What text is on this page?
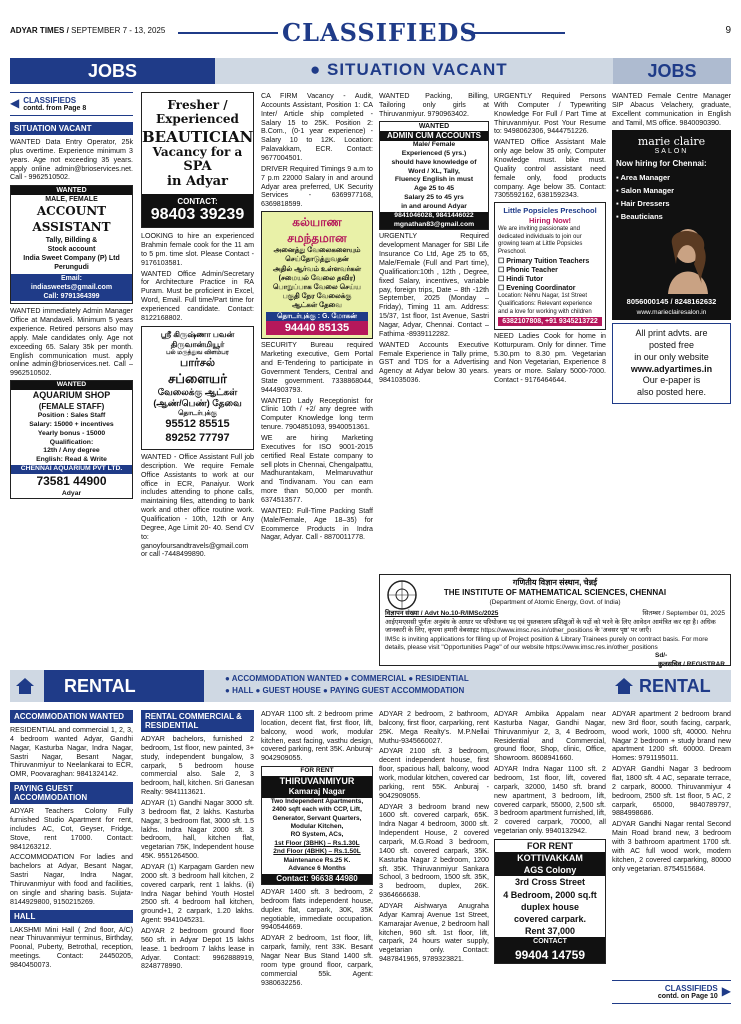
ADYAR TIMES / SEPTEMBER 7 - 13, 2025	CLASSIFIEDS	9
JOBS	● SITUATION VACANT	JOBS
◀ CLASSIFIEDS
contd. from Page 8
SITUATION VACANT

WANTED Data Entry Operator, 25k plus overtime. Experience minimum 3 years. Age not exceeding 35 years. apply online admin@brioservices.net. Call - 9962510502.

WANTED
MALE, FEMALE
ACCOUNT ASSISTANT
Tally, Billding &
Stock account
India Sweet Company (P) Ltd
Perungudi
Email:
indiasweets@gmail.com
Call: 9791364399

WANTED immediately Admin Manager Office at Mandaveli. Minimum 5 years experience. Retired persons also may apply. Male candidates only. Age not exceeding 65. Salary 35k per month. English communication must. apply online admin@brioservices.net. Call – 9962510502.

WANTED
AQUARIUM SHOP
(FEMALE STAFF)
Position : Sales Staff
Salary: 15000 + incentives
Yearly bonus - 15000
Qualification:
12th / Any degree
English: Read & Write
CHENNAI AQUARIUM PVT LTD.
73581 44900
Adyar
Fresher /
Experienced
BEAUTICIAN
Vacancy for a
SPA
in Adyar
CONTACT:
98403 39239

LOOKING to hire an experienced Brahmin female cook for the 11 am to 5 pm. time slot. Please Contact - 9176103581.

WANTED Office Admin/Secretary for Architecture Practice in RA Puram. Must be proficient in Excel, Word, Email. Full time/Part time for experienced candidate. Contact: 8122168802.

ஸ்ரீ கிருஷ்ணா பவன்
திருவான்மியூர்
பல் மருத்துவ விளம்பர
பார்சல்
சப்ளையர்
வேலைக்கு ஆட்கள்
(ஆண்/பெண்) தேவை
தொடர்புக்கு
95512 85515
89252 77797

WANTED - Office Assistant Full job description. We require Female Office Assistants to work at our office in ECR, Panaiyur. Work includes attending to phone calls, maintaining files, attending to bank work and other office routine work. Qualification - 10th, 12th or Any Degree, Age Limit 20- 40. Send CV to: ganoyfoursandtravels@gmail.com or call -7448499890.

CA FIRM Vacancy - Audit, Accounts Assistant, Position 1: CA Inter/ Article ship completed - Salary 15 to 25K. Position 2: B.Com., (0-1 year experience) - Salary 10 to 12K. Location: Palavakkam, ECR. Contact: 9677004501.

DRIVER Required Timings 9 a.m to 7 p.m 22000 Salary in and around Adyar area preferred, UK Security Services - 6369977168, 6369818599.

கல்யாண
சமந்தமான
அனைத்து வேலைகளையும்
செய்தோடுத்துவதன்
அதில் ஆர்வம் உள்ளவர்கள்
(சமையல் வேலை தவிர)
பொறுப்பாக வேலை செய்ய
பகுதி நேர வேலைக்கு
ஆட்கள் தேவை
தொடர்புக்கு : G. மோகன்
94440 85135

SECURITY Bureau required Marketing executive, Gem Portal and E-Tendering to participate in Government Tenders, Central and State government. 7338868044, 9444903793.

WANTED Lady Receptionist for Clinic 10th / +2/ any degree with Computer Knowledge long term tenure. 7904851093, 9940051361.

WE are hiring Marketing Executives for ISO 9001-2015 certified Real Estate company to sell plots in Chennai, Chengalpattu, Madhurantakam, Melmaruvathur and Tindivanam. You can earn more than 50,000 per month. 6374513577.

WANTED: Full-Time Packing Staff (Male/Female, Age 18–35) for Ecommerce Products in Indra Nagar, Adyar. Call - 8870011778.

WANTED Packing, Billing, Tailoring only girls at Thiruvanmiyur. 9790963402.

WANTED
ADMIN CUM ACCOUNTS
Male/ Female
Experienced (5 yrs.)
should have knowledge of
Word / XL, Tally,
Fluency English in must
Age 25 to 45
Salary 25 to 45 yrs
in and around Adyar
9841046028, 9841446022
mgnathan83@gmail.com

URGENTLY Required development Manager for SBI Life Insurance Co Ltd, Age 25 to 65, Male/Female (Full and Part time), Qualification:10th , 12th , Degree, fixed Salary, incentives, variable pay, foreign trips, Date – 8th -12th September, 2025 (Monday – Friday), Timing 11 am. Address: 15/37, 1st floor, 1st Avenue, Sastri Nagar, Adyar, Chennai. Contact – Fathima -8939112282.

WANTED Accounts Executive Female Experience in Tally prime, GST and TDS for a Advertising Agency at Adyar below 30 years. 9841035036.

URGENTLY Required Persons With Computer / Typewriting Knowledge For Full / Part Time at Thiruvanmiyur. Post Your Resume to: 9498062306, 9444751226.

WANTED Office Assistant Male only age below 35 only, Computer Knowledge must. bike must. Quality control assistant need female only, food products company. Age below 35. Contact: 7305592162, 6381592343.

Little Popsicles Preschool
Hiring Now!
We are inviting passionate and dedicated individuals to join our growing team at Little Popsicles Preschool.
☐ Primary Tuition Teachers
☐ Phonic Teacher
☐ Hindi Tutor
☐ Evening Coordinator
Location: Nehru Nagar, 1st Street
Qualifications: Relevant experience and a love for working with children
6382107808, +91 9345213722

NEED Ladies Cook for home in Kotturpuram. Only for dinner. Time 5.30.pm to 8.30 pm. Vegetarian and Non Vegetarian, Experience 8 years or more. Salary 5000-7000. Contact - 9176464644.

WANTED Female Centre Manager SIP Abacus Velachery, graduate, Excellent communication in English and Tamil, MS office. 9840090390.

marie claire
SALON
Now hiring for Chennai:
▪ Area Manager
▪ Salon Manager
▪ Hair Dressers
▪ Beauticians
8056000145 / 8248162632
www.marieclairesalon.in
All print advts. are
posted free
in our only website
www.adyartimes.in
Our e-paper is
also posted here.
गणितीय विज्ञान संस्थान, चेन्नई
THE INSTITUTE OF MATHEMATICAL SCIENCES, CHENNAI
(Department of Atomic Energy, Govt. of India)
विज्ञापन संख्या / Advt No.10-R/IMSc/2025	सितम्बर / September 01, 2025
आईएमएससी पूर्णतः अनुबंध के आधार पर परियोजना पद एवं पुस्तकालय प्रशिक्षुओं के पदों को भरने के लिए आवेदन आमंत्रित कर रहा है। अधिक जानकारी के लिए, कृपया हमारी वेबसाइट https://www.imsc.res.in/other_positions के 'अवसर पृष्ठ' पर जाएँ।
IMSc is inviting applications for filling up of Project position & Library Trainees purely on contract basis. For more details, please visit "Opportunities Page" of our website https://www.imsc.res.in/other_positions
Sd/-
कुलसचिव / REGISTRAR
RENTAL	● ACCOMMODATION WANTED ● COMMERCIAL ● RESIDENTIAL
● HALL ● GUEST HOUSE ● PAYING GUEST ACCOMMODATION	RENTAL
ACCOMMODATION WANTED

RESIDENTIAL and commercial 1, 2, 3, 4 bedroom wanted Adyar, Gandhi Nagar, Kasturba Nagar, Indra Nagar, Sastri Nagar, Besant Nagar, Thiruvanmiyur to Neelankarai to ECR, OMR, Poovaraghan: 9841324142.

PAYING GUEST ACCOMMODATION

ADYAR Teachers Colony Fully furnished Studio Apartment for rent, includes AC, Cot, Geyser, Fridge, Stove, rent 17000. Contact: 9841263212.

ACCOMMODATION For ladies and bachelors at Adyar, Besant Nagar, Sastri Nagar, Indra Nagar, Thiruvanmiyur with food and facilities, on single and sharing basis. Sujata-8144929800, 9150215269.

HALL

LAKSHMI Mini Hall ( 2nd floor, A/C) near Thiruvanmiyur terminus, Birthday, Poonal, Puberty, Betrothal, reception, meetings. Contact: 24450205, 9840450073.

RENTAL COMMERCIAL & RESIDENTIAL

ADYAR bachelors, furnished 2 bedroom, 1st floor, new painted, 3+ study, independent bungalow, 3 carpark, 5 bedroom house commercial also. Sale 2, 3 bedroom, hall, kitchen. Sri Ganesan Realty: 9841113621.

ADYAR (1) Gandhi Nagar 3000 sft. 3 bedroom flat, 2 lakhs. Kasturba Nagar, 3 bedroom flat, 3000 sft. 1.5 lakhs. Indra Nagar 2000 sft. 3 bedroom, hall, kitchen flat, vegetarian 75K, Independent house 45K. 9551264500.

ADYAR (1) Karpagam Garden new 2000 sft. 3 bedroom hall kitchen, 2 covered carpark, rent 1 lakhs. (ii) Indra Nagar behind Youth Hostel 2500 sft. 4 bedroom hall kitchen, ground+1, 2 carpark, 1.20 lakhs. Agent: 9941045231.

ADYAR 2 bedroom ground floor 560 sft. in Adyar Depot 15 lakhs lease. 1 bedroom 7 lakhs lease in Adyar. Contact: 9962888919, 8248778990.

ADYAR 1100 sft. 2 bedroom prime location, decent flat, first floor, lift, balcony, wood work, modular kitchen, east facing, vasthu design, covered parking, rent 35K. Anburaj- 9042909055.

FOR RENT
THIRUVANMIYUR
Kamaraj Nagar
Two Independent Apartments,
2400 sqft each with CCP, Lift,
Generator, Servant Quarters,
Modular Kitchen,
RO System, ACs,
1st Floor (3BHK) – Rs.1.30L
2nd Floor (4BHK) – Rs.1.50L
Maintenance Rs.25 K.
Advance 6 Months
Contact: 96638 44980

ADYAR 1400 sft. 3 bedroom, 2 bedroom flats independent house, duplex flat, carpark, 30K, 35K negotiable, immediate occupation. 9940544669.

ADYAR 2 bedroom, 1st floor, lift, carpark, family, rent 33K. Besant Nagar Near Bus Stand 1400 sft. room type ground floor, carpark, commercial 55k. Agent: 9380632256.

ADYAR 2 bedroom, 2 bathroom, balcony, first floor, carparking, rent 25K. Mega Realty's. M.P.Nellai Muthu-9345660027.

ADYAR 2100 sft. 3 bedroom, decent independent house, first floor, spacious hall, balcony, wood work, modular kitchen, covered car parking, rent 55K. Anburaj - 9042909055.

ADYAR 3 bedroom brand new 1600 sft. covered carpark, 65K. Indra Nagar 4 bedroom, 3000 sft. Independent House, 2 covered carpark, M.G.Road 3 bedroom, 1400 sft. covered carpark, 35K. Kasturba Nagar 2 bedroom, 1200 sft. 35K. Thiruvanmiyur Sankara School, 3 bedroom, 1500 sft. 35K, 3 bedroom, duplex, 26K. 9364666638.

ADYAR Aishwarya Anugraha Adyar Kamraj Avenue 1st Street, Kamarajar Avenue, 2 bedroom hall kitchen, 960 sft. 1st floor, lift, carpark, 24 hours water supply, vegetarian only. Contact: 9487841965, 9789323821.

ADYAR Ambika Appalam near Kasturba Nagar, Gandhi Nagar, Thiruvanmiyur 2, 3, 4 Bedroom, Residential and Commercial, ground floor, Shop, clinic, Office, Showroom. 8608941660.

ADYAR Indra Nagar 1100 sft. 2 bedroom, 1st floor, lift, covered carpark, 32000, 1450 sft. brand new apartment, 3 bedroom, lift, covered carpark, 55000, 2,500 sft. 3 bedroom apartment furnished, lift, 2 covered carpark, 70000, all vegetarian only. 9940132942.

FOR RENT
KOTTIVAKKAM
AGS Colony
3rd Cross Street
4 Bedroom, 2000 sq.ft
duplex house
covered carpark.
Rent 37,000
CONTACT
99404 14759

ADYAR apartment 2 bedroom brand new 3rd floor, south facing, carpark, wood work, 1000 sft, 40000. Nehru Nagar 2 bedroom + study brand new apartment 1200 sft. 60000. Dream Homes: 9791195011.

ADYAR Gandhi Nagar 3 bedroom flat, 1800 sft. 4 AC, separate terrace, 2 carpark, 80000. Thiruvanmiyur 4 bedroom, 2500 sft. 1st floor, 5 AC, 2 carpark, 65000, 9840789797, 9884998686.

ADYAR Gandhi Nagar rental Second Main Road brand new, 3 bedroom with 3 bathroom apartment 1700 sft. with AC full wood work, modern kitchen, 2 covered carparking, 80000 only vegetarian. 8754515684.

▶
CLASSIFIEDS
contd. on Page 10
